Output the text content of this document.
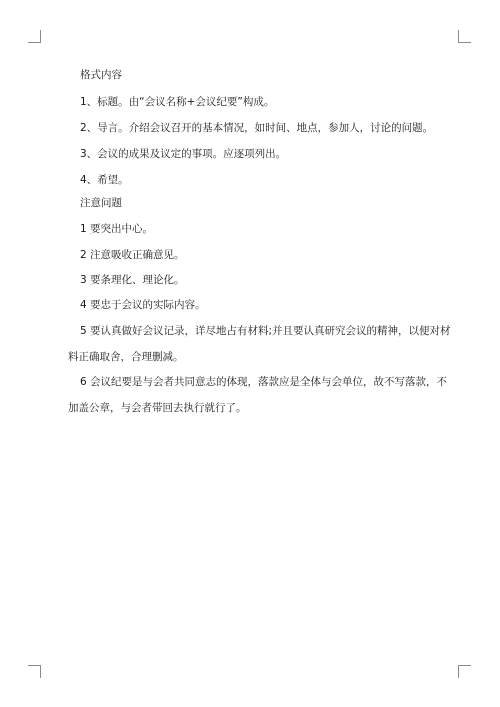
格式内容
1、标题。由“会议名称+会议纪要”构成。
2、导言。介绍会议召开的基本情况，如时间、地点，参加人，讨论的问题。
3、会议的成果及议定的事项。应逐项列出。
4、希望。
注意问题
1 要突出中心。
2 注意吸收正确意见。
3 要条理化、理论化。
4 要忠于会议的实际内容。
5 要认真做好会议记录，详尽地占有材料;并且要认真研究会议的精神，以便对材
料正确取舍，合理删减。
6 会议纪要是与会者共同意志的体现，落款应是全体与会单位，故不写落款，不
加盖公章，与会者带回去执行就行了。
